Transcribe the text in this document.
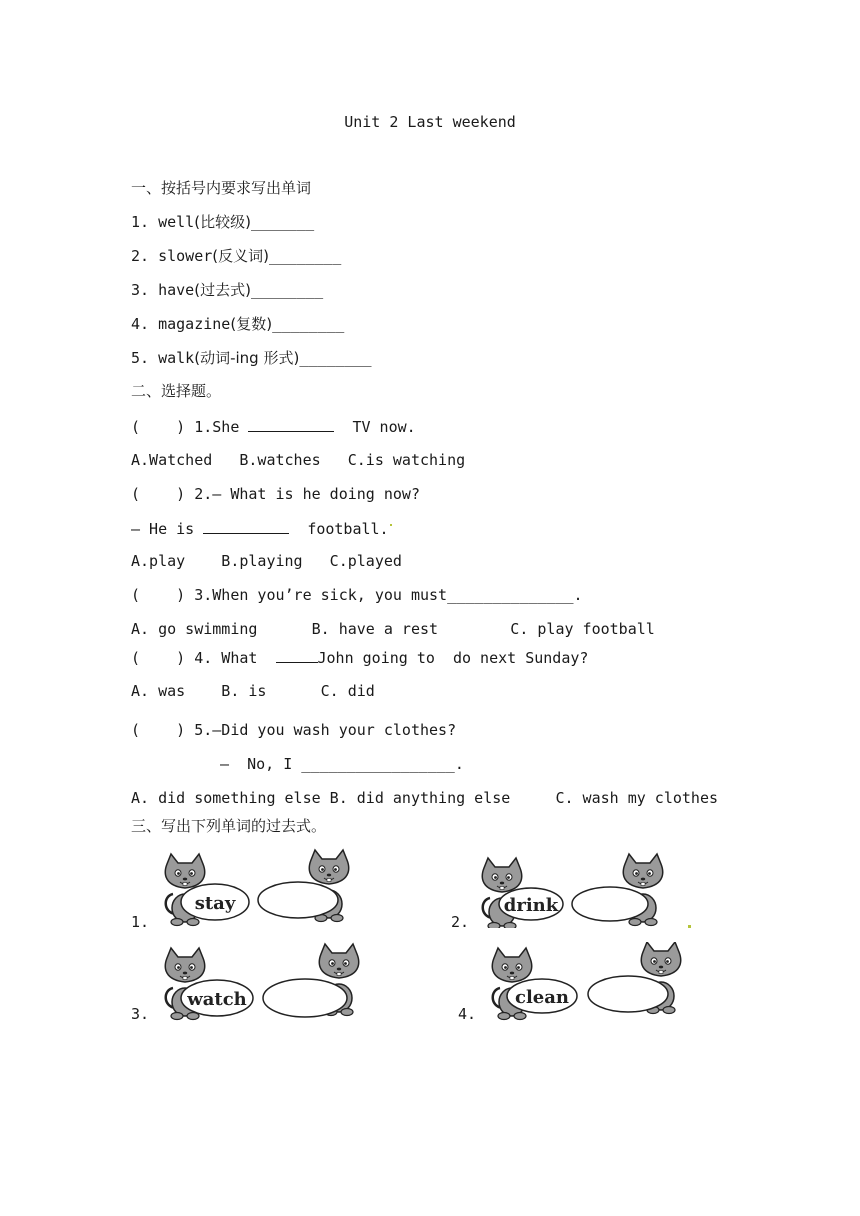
Unit 2 Last weekend
一、按括号内要求写出单词
1. well(比较级)_______
2. slower(反义词)________
3. have(过去式)________
4. magazine(复数)________
5. walk(动词-ing 形式)________
二、选择题。
(    ) 1.She	TV now.
A.Watched   B.watches   C.is watching
(    ) 2.— What is he doing now?
— He is	football.
A.play    B.playing   C.played
(    ) 3.When you’re sick, you must______________.
A. go swimming      B. have a rest        C. play football
(    ) 4. What	John going to  do next Sunday?
A. was    B. is      C. did
(    ) 5.–Did you wash your clothes?
–  No, I _________________.
A. did something else B. did anything else     C. wash my clothes
三、写出下列单词的过去式。
1.
stay
2.
drink
3.
watch
4.
clean
